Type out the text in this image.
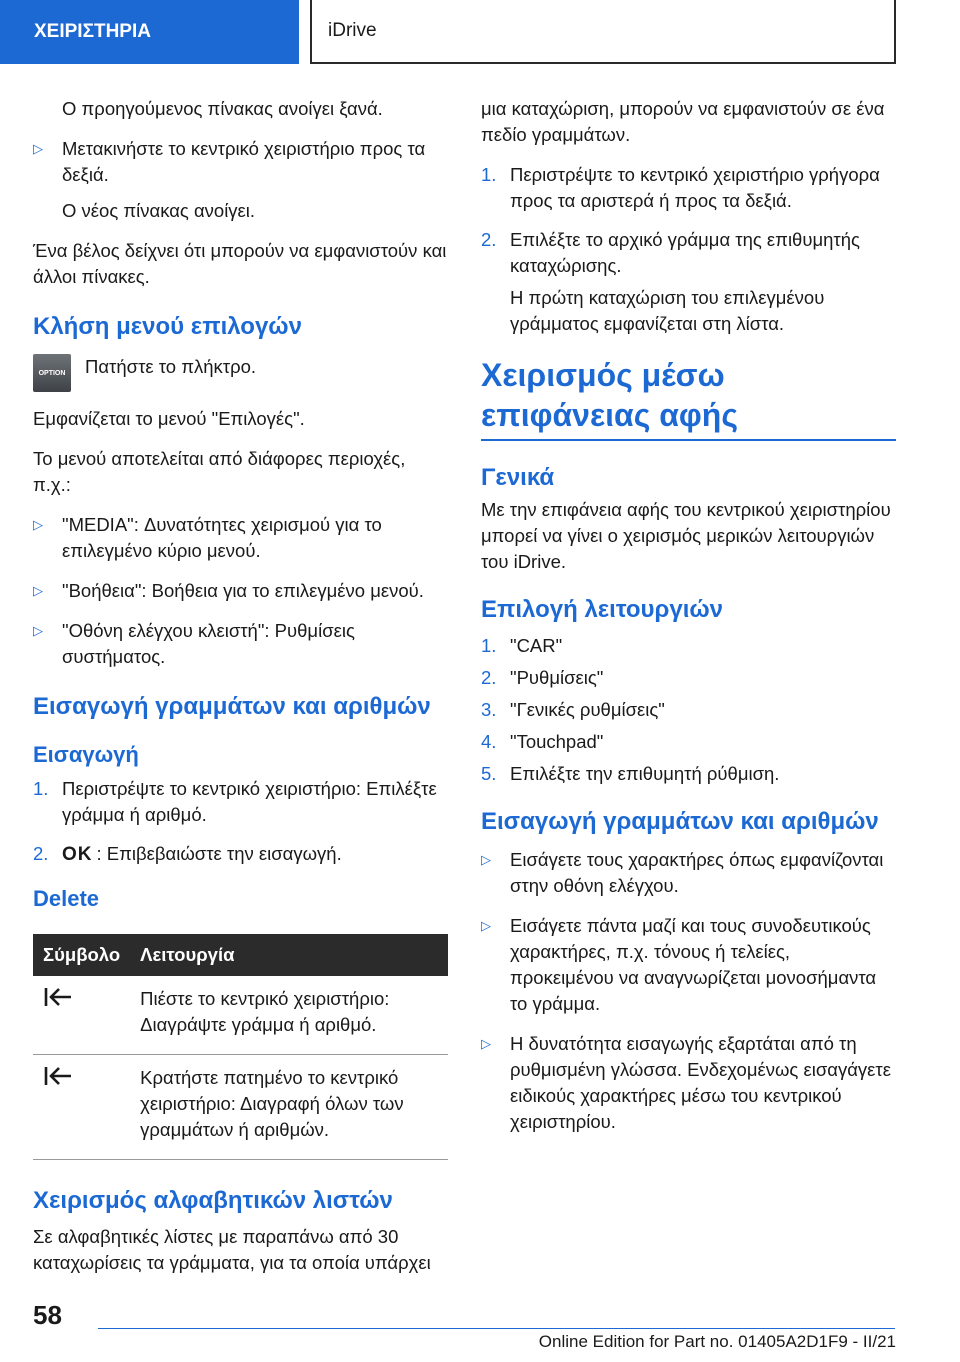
ΧΕΙΡΙΣΤΗΡΙΑ	iDrive

Ο προηγούμενος πίνακας ανοίγει ξανά.

▷ Μετακινήστε το κεντρικό χειριστήριο προς τα δεξιά.

Ο νέος πίνακας ανοίγει.

Ένα βέλος δείχνει ότι μπορούν να εμφανιστούν και άλλοι πίνακες.

Κλήση μενού επιλογών
OPTION	Πατήστε το πλήκτρο.

Εμφανίζεται το μενού "Επιλογές".

Το μενού αποτελείται από διάφορες περιοχές, π.χ.:

▷ "MEDIA": Δυνατότητες χειρισμού για το επιλεγμένο κύριο μενού.
▷ "Βοήθεια": Βοήθεια για το επιλεγμένο μενού.
▷ "Οθόνη ελέγχου κλειστή": Ρυθμίσεις συστήματος.
Εισαγωγή γραμμάτων και αριθμών
Εισαγωγή
1. Περιστρέψτε το κεντρικό χειριστήριο: Επιλέξτε γράμμα ή αριθμό.
2. OK : Επιβεβαιώστε την εισαγωγή.
Delete
Σύμβολο	Λειτουργία
	Πιέστε το κεντρικό χειριστήριο: Διαγράψτε γράμμα ή αριθμό.
	Κρατήστε πατημένο το κεντρικό χειριστήριο: Διαγραφή όλων των γραμμάτων ή αριθμών.
Χειρισμός αλφαβητικών λιστών

Σε αλφαβητικές λίστες με παραπάνω από 30 καταχωρίσεις τα γράμματα, για τα οποία υπάρχει

μια καταχώριση, μπορούν να εμφανιστούν σε ένα πεδίο γραμμάτων.

1. Περιστρέψτε το κεντρικό χειριστήριο γρήγορα προς τα αριστερά ή προς τα δεξιά.
2. Επιλέξτε το αρχικό γράμμα της επιθυμητής καταχώρισης.

Η πρώτη καταχώριση του επιλεγμένου γράμματος εμφανίζεται στη λίστα.

Χειρισμός μέσω επιφάνειας αφής
Γενικά

Με την επιφάνεια αφής του κεντρικού χειριστηρίου μπορεί να γίνει ο χειρισμός μερικών λειτουργιών του iDrive.

Επιλογή λειτουργιών
1. "CAR"
2. "Ρυθμίσεις"
3. "Γενικές ρυθμίσεις"
4. "Touchpad"
5. Επιλέξτε την επιθυμητή ρύθμιση.
Εισαγωγή γραμμάτων και αριθμών
▷ Εισάγετε τους χαρακτήρες όπως εμφανίζονται στην οθόνη ελέγχου.
▷ Εισάγετε πάντα μαζί και τους συνοδευτικούς χαρακτήρες, π.χ. τόνους ή τελείες, προκειμένου να αναγνωρίζεται μονοσήμαντα το γράμμα.
▷ Η δυνατότητα εισαγωγής εξαρτάται από τη ρυθμισμένη γλώσσα. Ενδεχομένως εισαγάγετε ειδικούς χαρακτήρες μέσω του κεντρικού χειριστηρίου.
58
Online Edition for Part no. 01405A2D1F9 - II/21
